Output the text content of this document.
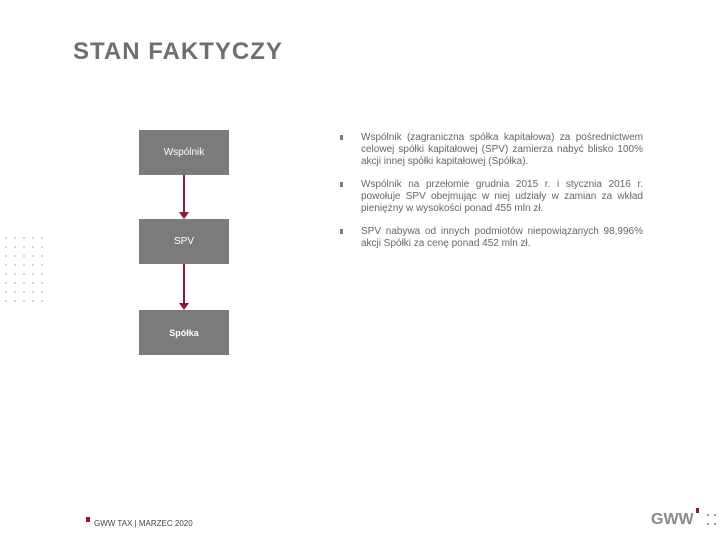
STAN FAKTYCZY
Wspólnik
SPV
Spółka
Wspólnik (zagraniczna spółka kapitałowa) za pośrednictwem celowej spółki kapitałowej (SPV) zamierza nabyć blisko 100% akcji innej spółki kapitałowej (Spółka).
Wspólnik na przełomie grudnia 2015 r. i stycznia 2016 r. powołuje SPV obejmując w niej udziały w zamian za wkład pieniężny w wysokości ponad 455 mln zł.
SPV nabywa od innych podmiotów niepowiązanych 98,996% akcji Spółki za cenę ponad 452 mln zł.
GWW TAX | MARZEC 2020	GWW
